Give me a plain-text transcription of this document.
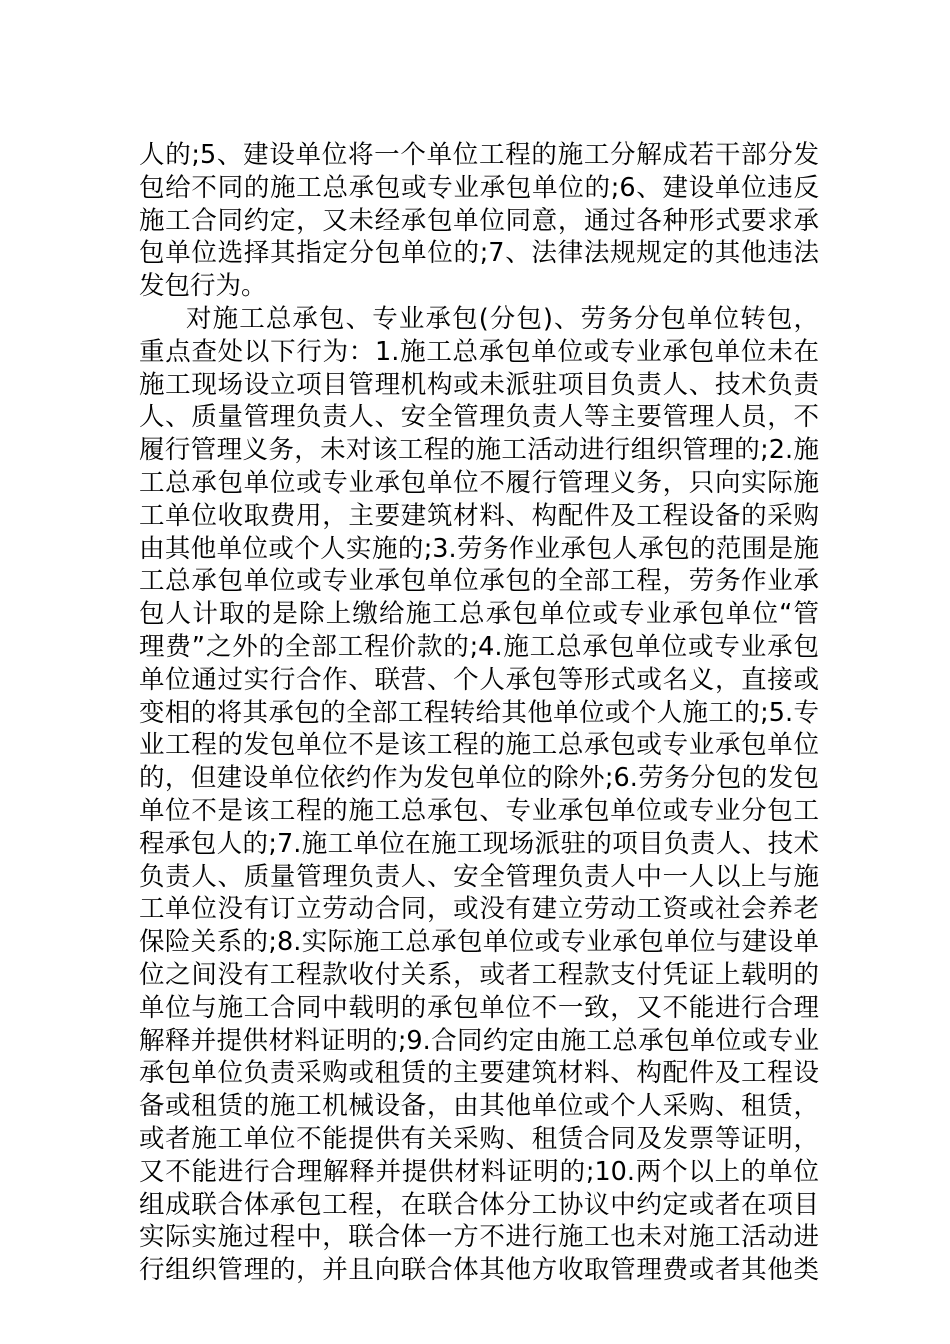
人的;5、建设单位将一个单位工程的施工分解成若干部分发
包给不同的施工总承包或专业承包单位的;6、建设单位违反
施工合同约定，又未经承包单位同意，通过各种形式要求承
包单位选择其指定分包单位的;7、法律法规规定的其他违法
发包行为。
对施工总承包、专业承包(分包)、劳务分包单位转包，
重点查处以下行为：1.施工总承包单位或专业承包单位未在
施工现场设立项目管理机构或未派驻项目负责人、技术负责
人、质量管理负责人、安全管理负责人等主要管理人员，不
履行管理义务，未对该工程的施工活动进行组织管理的;2.施
工总承包单位或专业承包单位不履行管理义务，只向实际施
工单位收取费用，主要建筑材料、构配件及工程设备的采购
由其他单位或个人实施的;3.劳务作业承包人承包的范围是施
工总承包单位或专业承包单位承包的全部工程，劳务作业承
包人计取的是除上缴给施工总承包单位或专业承包单位“管
理费”之外的全部工程价款的;4.施工总承包单位或专业承包
单位通过实行合作、联营、个人承包等形式或名义，直接或
变相的将其承包的全部工程转给其他单位或个人施工的;5.专
业工程的发包单位不是该工程的施工总承包或专业承包单位
的，但建设单位依约作为发包单位的除外;6.劳务分包的发包
单位不是该工程的施工总承包、专业承包单位或专业分包工
程承包人的;7.施工单位在施工现场派驻的项目负责人、技术
负责人、质量管理负责人、安全管理负责人中一人以上与施
工单位没有订立劳动合同，或没有建立劳动工资或社会养老
保险关系的;8.实际施工总承包单位或专业承包单位与建设单
位之间没有工程款收付关系，或者工程款支付凭证上载明的
单位与施工合同中载明的承包单位不一致，又不能进行合理
解释并提供材料证明的;9.合同约定由施工总承包单位或专业
承包单位负责采购或租赁的主要建筑材料、构配件及工程设
备或租赁的施工机械设备，由其他单位或个人采购、租赁，
或者施工单位不能提供有关采购、租赁合同及发票等证明，
又不能进行合理解释并提供材料证明的;10.两个以上的单位
组成联合体承包工程，在联合体分工协议中约定或者在项目
实际实施过程中，联合体一方不进行施工也未对施工活动进
行组织管理的，并且向联合体其他方收取管理费或者其他类
